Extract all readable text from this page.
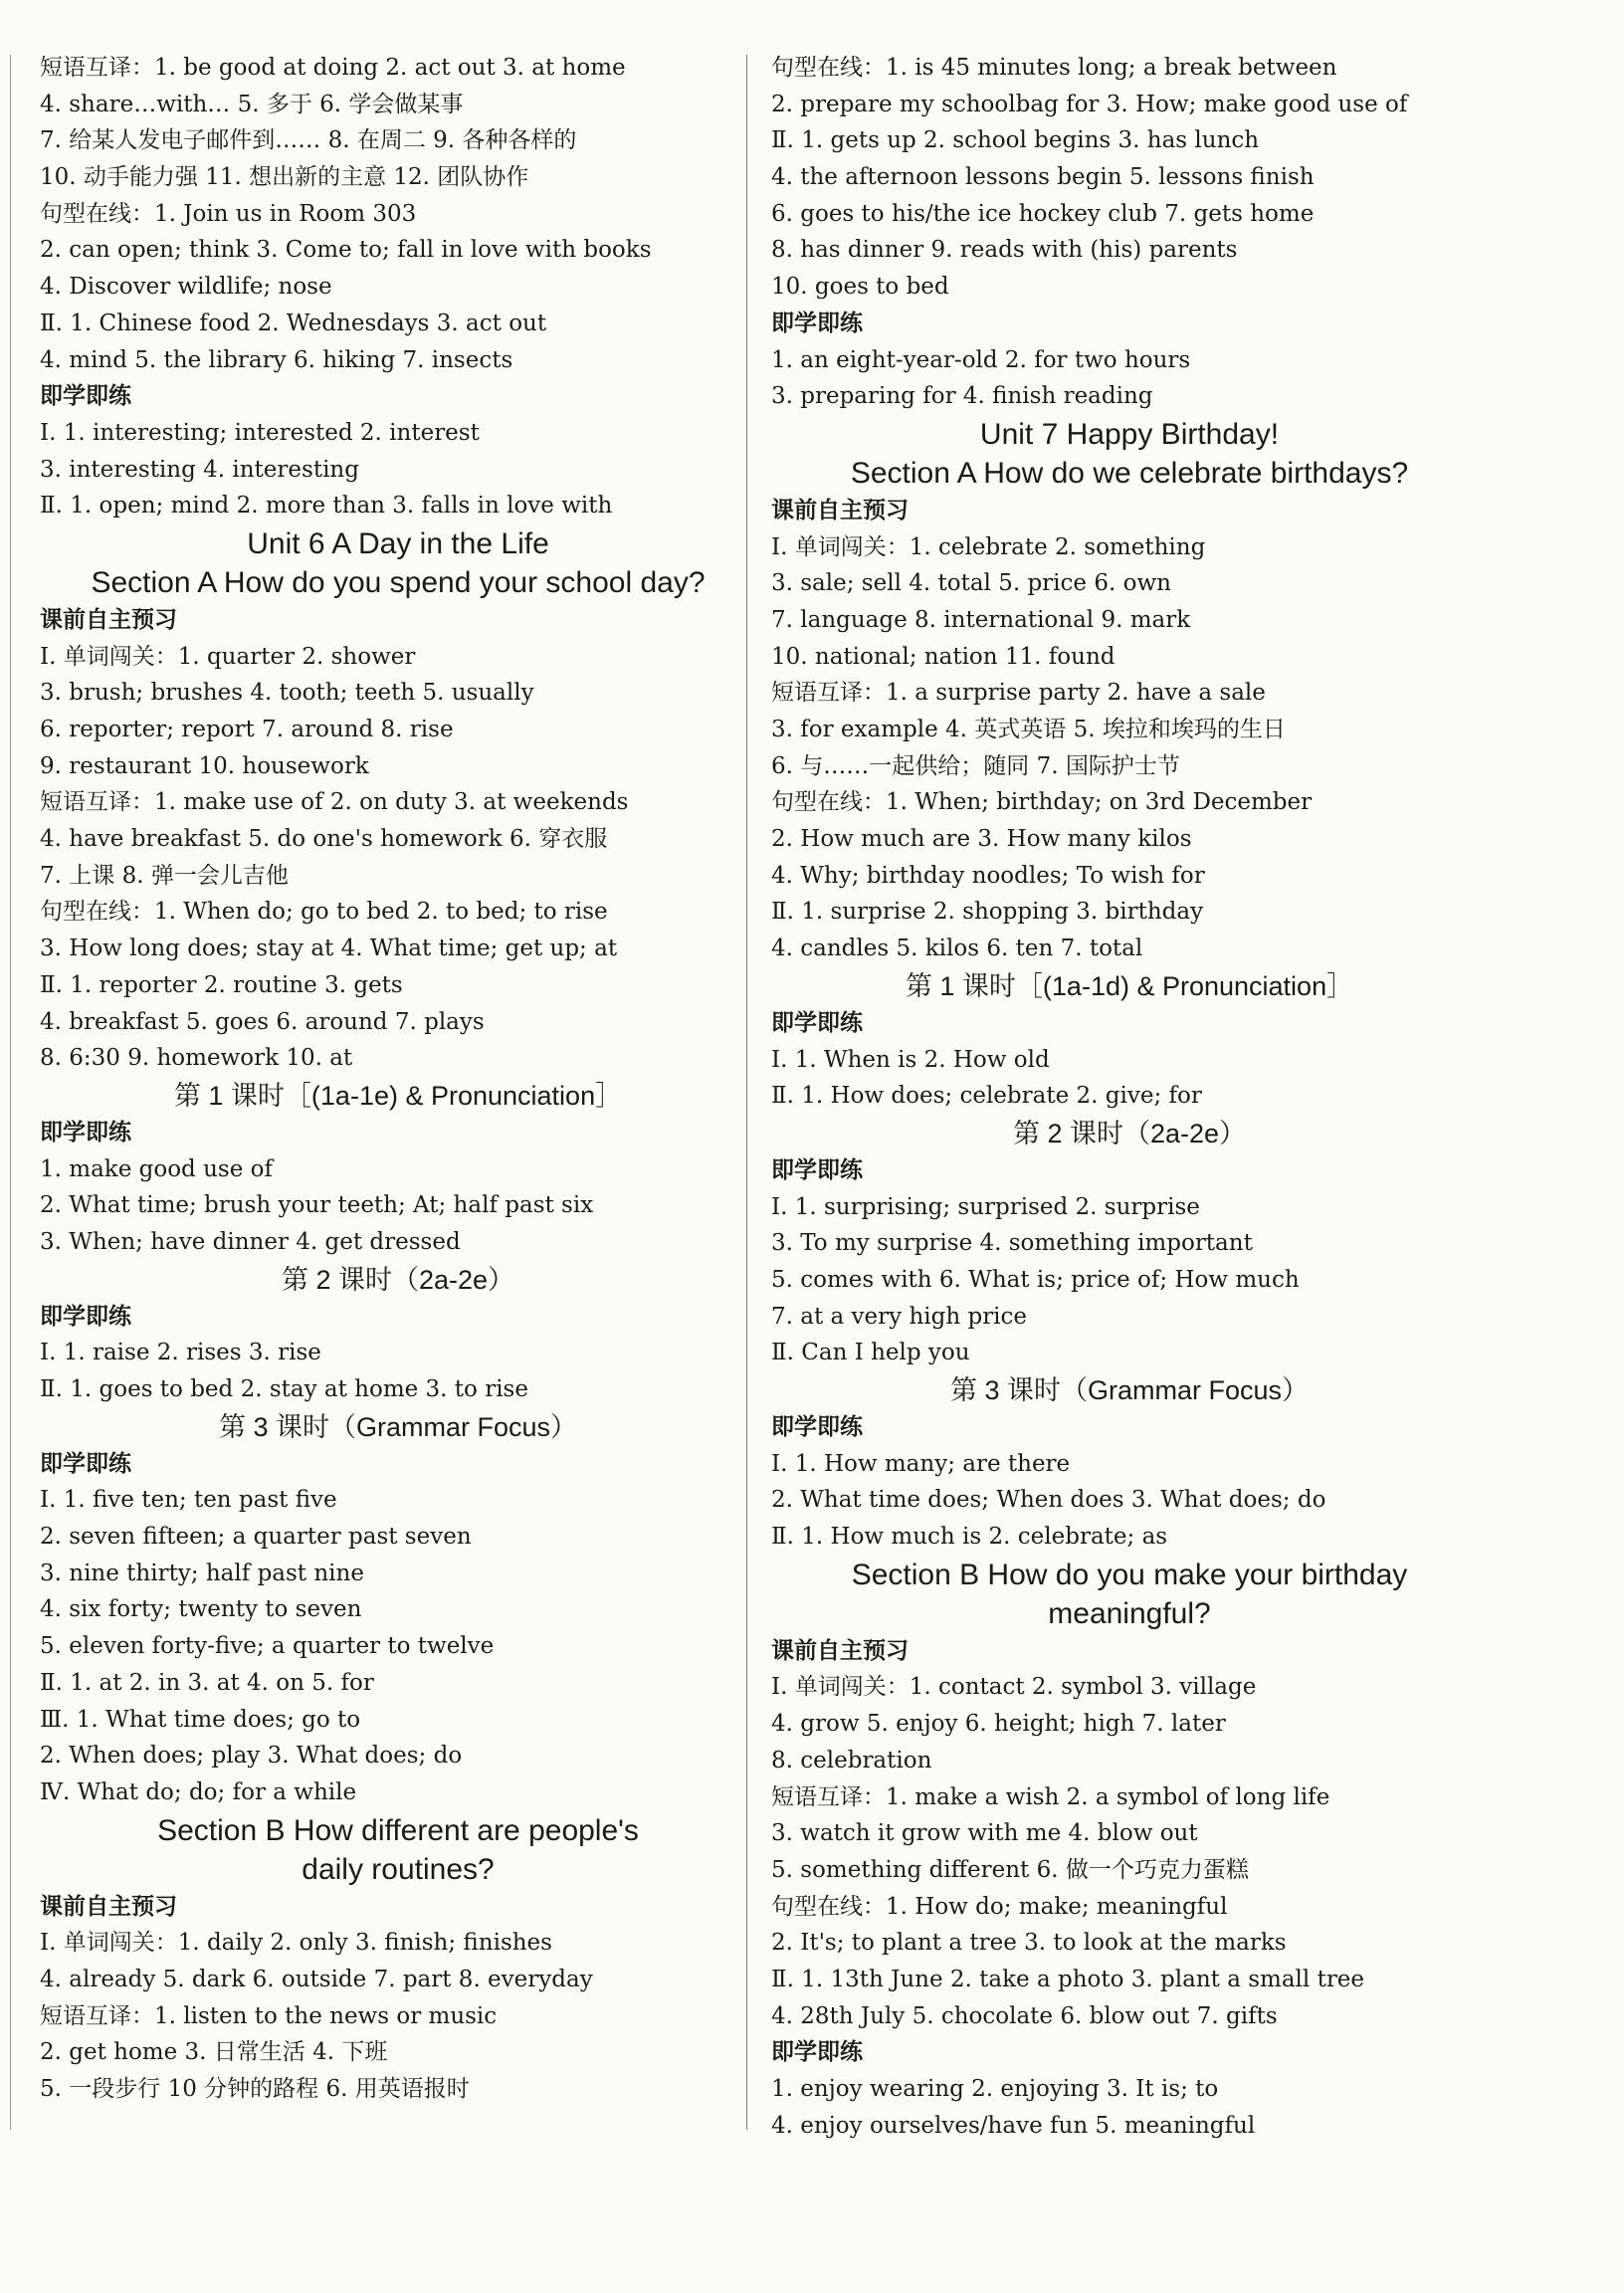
短语互译：1. be good at doing 2. act out 3. at home
4. share…with… 5. 多于 6. 学会做某事
7. 给某人发电子邮件到…… 8. 在周二 9. 各种各样的
10. 动手能力强 11. 想出新的主意 12. 团队协作
句型在线：1. Join us in Room 303
2. can open; think 3. Come to; fall in love with books
4. Discover wildlife; nose
Ⅱ. 1. Chinese food 2. Wednesdays 3. act out
4. mind 5. the library 6. hiking 7. insects
即学即练
Ⅰ. 1. interesting; interested 2. interest
3. interesting 4. interesting
Ⅱ. 1. open; mind 2. more than 3. falls in love with
Unit 6 A Day in the Life
Section A How do you spend your school day?
课前自主预习
Ⅰ. 单词闯关：1. quarter 2. shower
3. brush; brushes 4. tooth; teeth 5. usually
6. reporter; report 7. around 8. rise
9. restaurant 10. housework
短语互译：1. make use of 2. on duty 3. at weekends
4. have breakfast 5. do one's homework 6. 穿衣服
7. 上课 8. 弹一会儿吉他
句型在线：1. When do; go to bed 2. to bed; to rise
3. How long does; stay at 4. What time; get up; at
Ⅱ. 1. reporter 2. routine 3. gets
4. breakfast 5. goes 6. around 7. plays
8. 6:30 9. homework 10. at
第 1 课时［(1a-1e) & Pronunciation］
即学即练
1. make good use of
2. What time; brush your teeth; At; half past six
3. When; have dinner 4. get dressed
第 2 课时（2a-2e）
即学即练
Ⅰ. 1. raise 2. rises 3. rise
Ⅱ. 1. goes to bed 2. stay at home 3. to rise
第 3 课时（Grammar Focus）
即学即练
Ⅰ. 1. five ten; ten past five
2. seven fifteen; a quarter past seven
3. nine thirty; half past nine
4. six forty; twenty to seven
5. eleven forty-five; a quarter to twelve
Ⅱ. 1. at 2. in 3. at 4. on 5. for
Ⅲ. 1. What time does; go to
2. When does; play 3. What does; do
Ⅳ. What do; do; for a while
Section B How different are people's
daily routines?
课前自主预习
Ⅰ. 单词闯关：1. daily 2. only 3. finish; finishes
4. already 5. dark 6. outside 7. part 8. everyday
短语互译：1. listen to the news or music
2. get home 3. 日常生活 4. 下班
5. 一段步行 10 分钟的路程 6. 用英语报时
句型在线：1. is 45 minutes long; a break between
2. prepare my schoolbag for 3. How; make good use of
Ⅱ. 1. gets up 2. school begins 3. has lunch
4. the afternoon lessons begin 5. lessons finish
6. goes to his/the ice hockey club 7. gets home
8. has dinner 9. reads with (his) parents
10. goes to bed
即学即练
1. an eight-year-old 2. for two hours
3. preparing for 4. finish reading
Unit 7 Happy Birthday!
Section A How do we celebrate birthdays?
课前自主预习
Ⅰ. 单词闯关：1. celebrate 2. something
3. sale; sell 4. total 5. price 6. own
7. language 8. international 9. mark
10. national; nation 11. found
短语互译：1. a surprise party 2. have a sale
3. for example 4. 英式英语 5. 埃拉和埃玛的生日
6. 与……一起供给；随同 7. 国际护士节
句型在线：1. When; birthday; on 3rd December
2. How much are 3. How many kilos
4. Why; birthday noodles; To wish for
Ⅱ. 1. surprise 2. shopping 3. birthday
4. candles 5. kilos 6. ten 7. total
第 1 课时［(1a-1d) & Pronunciation］
即学即练
Ⅰ. 1. When is 2. How old
Ⅱ. 1. How does; celebrate 2. give; for
第 2 课时（2a-2e）
即学即练
Ⅰ. 1. surprising; surprised 2. surprise
3. To my surprise 4. something important
5. comes with 6. What is; price of; How much
7. at a very high price
Ⅱ. Can I help you
第 3 课时（Grammar Focus）
即学即练
Ⅰ. 1. How many; are there
2. What time does; When does 3. What does; do
Ⅱ. 1. How much is 2. celebrate; as
Section B How do you make your birthday
meaningful?
课前自主预习
Ⅰ. 单词闯关：1. contact 2. symbol 3. village
4. grow 5. enjoy 6. height; high 7. later
8. celebration
短语互译：1. make a wish 2. a symbol of long life
3. watch it grow with me 4. blow out
5. something different 6. 做一个巧克力蛋糕
句型在线：1. How do; make; meaningful
2. It's; to plant a tree 3. to look at the marks
Ⅱ. 1. 13th June 2. take a photo 3. plant a small tree
4. 28th July 5. chocolate 6. blow out 7. gifts
即学即练
1. enjoy wearing 2. enjoying 3. It is; to
4. enjoy ourselves/have fun 5. meaningful
